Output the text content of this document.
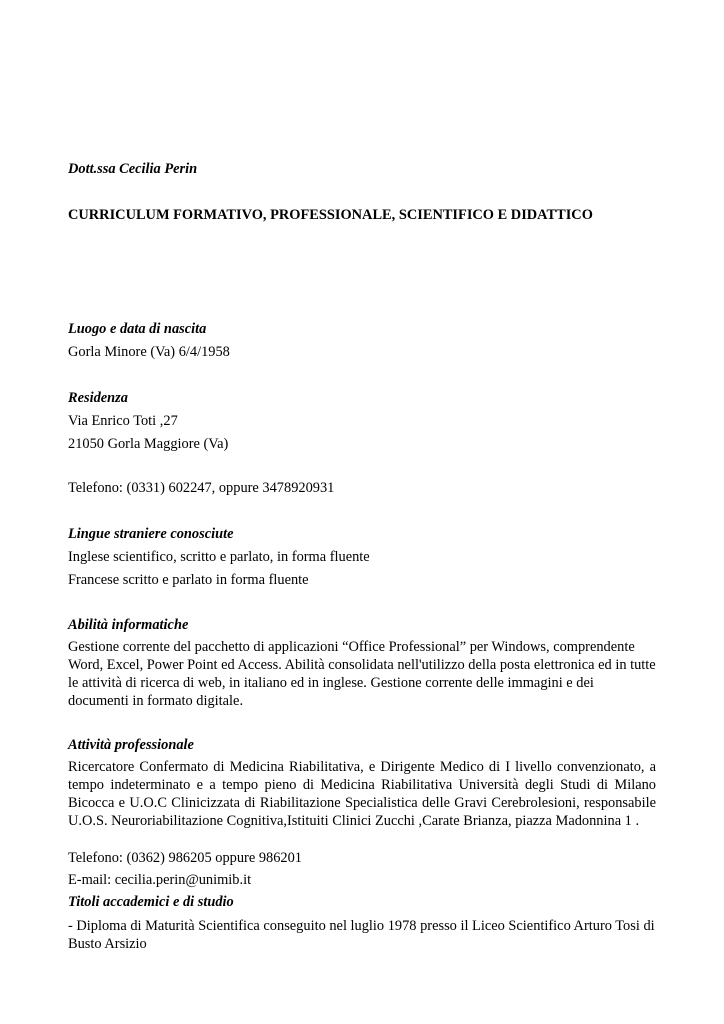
Dott.ssa Cecilia Perin

CURRICULUM FORMATIVO, PROFESSIONALE, SCIENTIFICO E DIDATTICO

Luogo e data di nascita

Gorla Minore (Va) 6/4/1958

Residenza

Via Enrico Toti ,27

21050 Gorla Maggiore (Va)

Telefono: (0331) 602247, oppure 3478920931

Lingue straniere conosciute

Inglese scientifico, scritto e parlato, in forma fluente

Francese scritto e parlato in forma fluente

Abilità informatiche

Gestione corrente del pacchetto di applicazioni “Office Professional” per Windows, comprendente Word, Excel, Power Point ed Access. Abilità consolidata nell'utilizzo della posta elettronica ed in tutte le attività di ricerca di web, in italiano ed in inglese. Gestione corrente delle immagini e dei documenti in formato digitale.

Attività professionale

Ricercatore Confermato di Medicina Riabilitativa, e Dirigente Medico di I livello convenzionato, a tempo indeterminato e a tempo pieno di Medicina Riabilitativa Università degli Studi di Milano Bicocca e U.O.C Clinicizzata di Riabilitazione Specialistica delle Gravi Cerebrolesioni, responsabile U.O.S. Neuroriabilitazione Cognitiva,Istituiti Clinici Zucchi ,Carate Brianza, piazza Madonnina 1 .

Telefono: (0362) 986205 oppure 986201

E-mail: cecilia.perin@unimib.it

Titoli accademici e di studio

- Diploma di Maturità Scientifica conseguito nel luglio 1978 presso il Liceo Scientifico Arturo Tosi di Busto Arsizio
